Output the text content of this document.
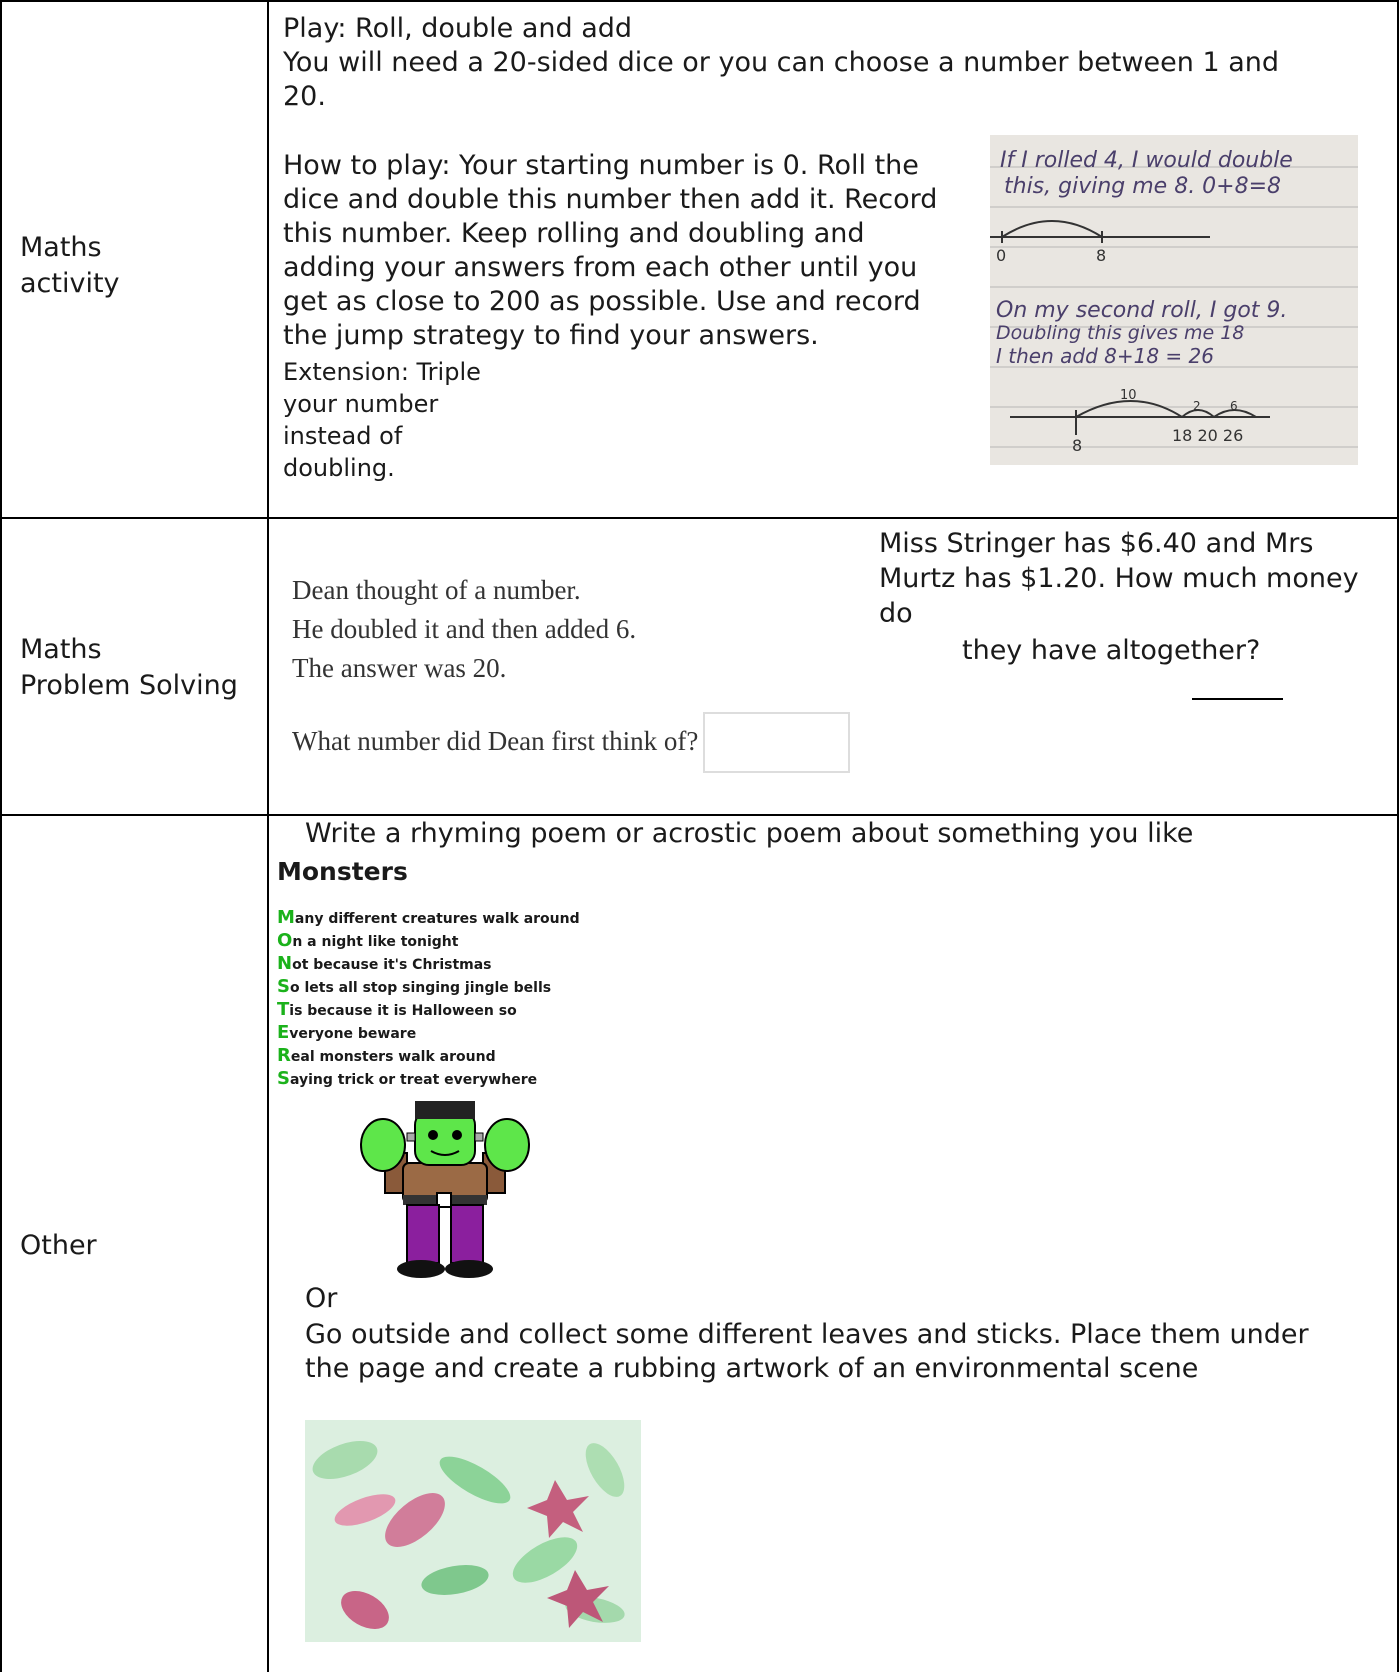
Maths
activity
Play: Roll, double and add
You will need a 20-sided dice or you can choose a number between 1 and
20.
How to play: Your starting number is 0. Roll the
dice and double this number then add it. Record
this number. Keep rolling and doubling and
adding your answers from each other until you
get as close to 200 as possible. Use and record
the jump strategy to find your answers.
Extension: Triple
your number
instead of
doubling.
If I rolled 4, I would double
this, giving me 8. 0+8=8
On my second roll, I got 9.
Doubling this gives me 18
I then add 8+18 = 26
0	8
10
2 6
8
18 20 26
Maths
Problem Solving
Dean thought of a number.
He doubled it and then added 6.
The answer was 20.
What number did Dean first think of?
Miss Stringer has $6.40 and Mrs
Murtz has $1.20. How much money
do
they have altogether?
Other
Write a rhyming poem or acrostic poem about something you like
Monsters
Many different creatures walk around
On a night like tonight
Not because it's Christmas
So lets all stop singing jingle bells
Tis because it is Halloween so
Everyone beware
Real monsters walk around
Saying trick or treat everywhere
Or
Go outside and collect some different leaves and sticks. Place them under
the page and create a rubbing artwork of an environmental scene
